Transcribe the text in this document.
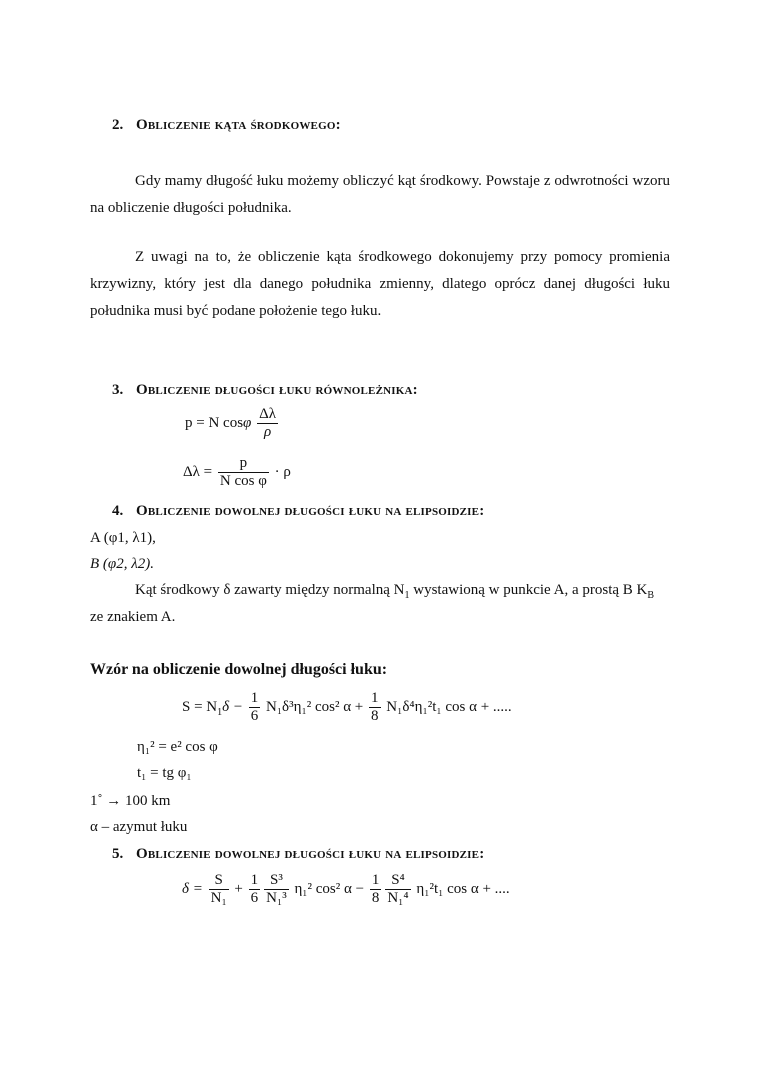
2. Obliczenie kąta środkowego:
Gdy mamy długość łuku możemy obliczyć kąt środkowy. Powstaje z odwrotności wzoru na obliczenie długości południka.
Z uwagi na to, że obliczenie kąta środkowego dokonujemy przy pomocy promienia krzywizny, który jest dla danego południka zmienny, dlatego oprócz danej długości łuku południka musi być podane położenie tego łuku.
3. Obliczenie długości łuku równoleżnika:
p = N cosφ $\frac{\Delta\lambda}{\rho}$
$\Delta\lambda = \frac{p}{\text{N cos φ}} \cdot \rho$
4. Obliczenie dowolnej długości łuku na elipsoidzie:
A (φ1, λ1),
B (φ2, λ2).
Kąt środkowy δ zawarty między normalną $N_1$ wystawioną w punkcie A, a prostą B $K_B$
ze znakiem A.
Wzór na obliczenie dowolnej długości łuku:
$S = N_1\delta - \frac{1}{6} N_1\delta^3\eta_1^2$ cos² $\alpha + \frac{1}{8} N_1\delta^4\eta_1^2t_1$ cos α + .....
η₁² = e² cos φ
t₁ = tg φ₁
1˚ → 100 km
α – azymut łuku
5. Obliczenie dowolnej długości łuku na elipsoidzie:
$\delta = \frac{S}{\text{N₁}} + \frac{1}{6} \frac{\text{S³}}{\text{N₁³}} \eta_1^2$ cos² $\alpha - \frac{1}{8} \frac{\text{S⁴}}{\text{N₁⁴}} \eta_1^2t_1$ cos α + ....
